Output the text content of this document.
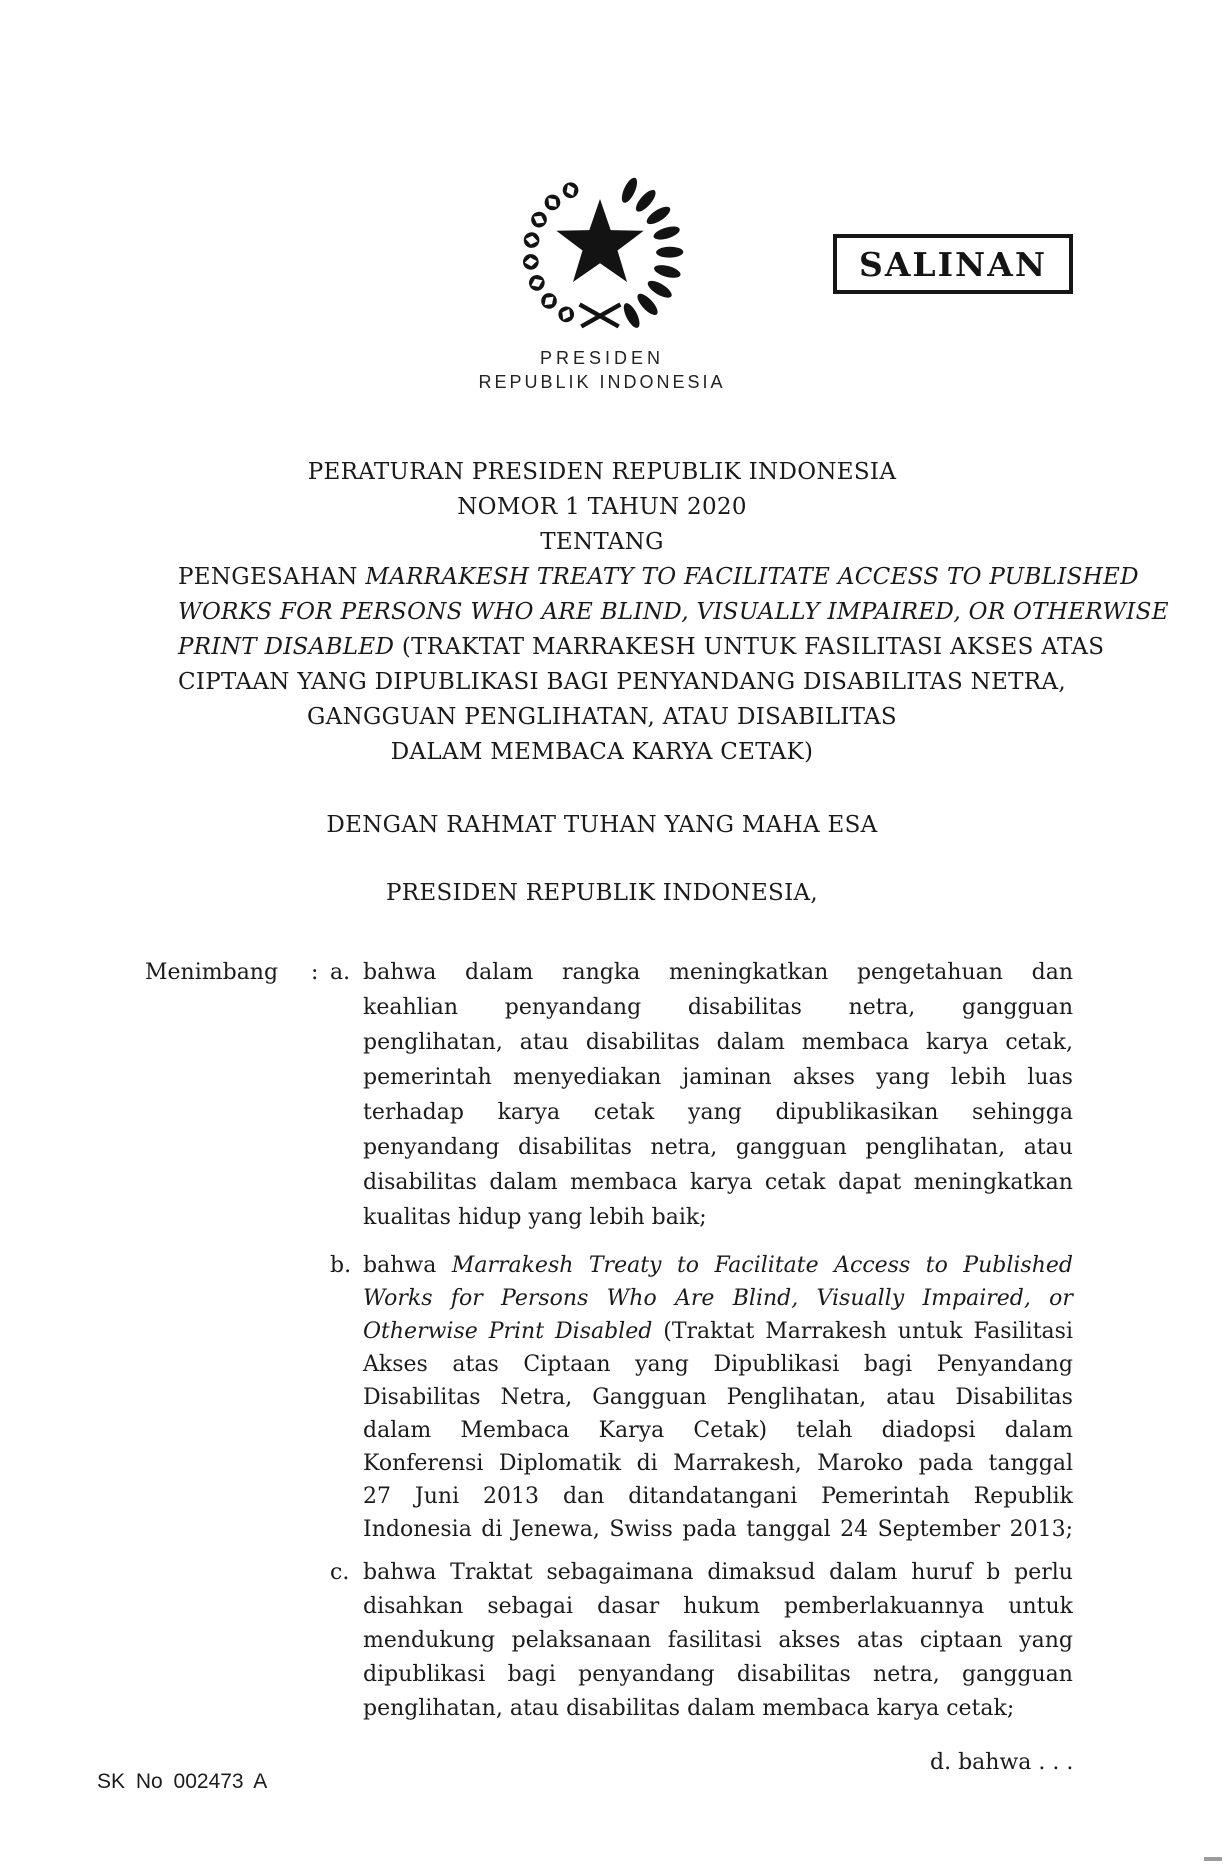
SALINAN
PRESIDEN
REPUBLIK INDONESIA
PERATURAN PRESIDEN REPUBLIK INDONESIA
NOMOR 1 TAHUN 2020
TENTANG
PENGESAHAN MARRAKESH TREATY TO FACILITATE ACCESS TO PUBLISHED
WORKS FOR PERSONS WHO ARE BLIND, VISUALLY IMPAIRED, OR OTHERWISE
PRINT DISABLED (TRAKTAT MARRAKESH UNTUK FASILITASI AKSES ATAS
CIPTAAN YANG DIPUBLIKASI BAGI PENYANDANG DISABILITAS NETRA,
GANGGUAN PENGLIHATAN, ATAU DISABILITAS
DALAM MEMBACA KARYA CETAK)
DENGAN RAHMAT TUHAN YANG MAHA ESA
PRESIDEN REPUBLIK INDONESIA,
Menimbang : a. bahwa dalam rangka meningkatkan pengetahuan dan
keahlian penyandang disabilitas netra, gangguan
penglihatan, atau disabilitas dalam membaca karya cetak,
pemerintah menyediakan jaminan akses yang lebih luas
terhadap karya cetak yang dipublikasikan sehingga
penyandang disabilitas netra, gangguan penglihatan, atau
disabilitas dalam membaca karya cetak dapat meningkatkan
kualitas hidup yang lebih baik;
b. bahwa Marrakesh Treaty to Facilitate Access to Published
Works for Persons Who Are Blind, Visually Impaired, or
Otherwise Print Disabled (Traktat Marrakesh untuk Fasilitasi
Akses atas Ciptaan yang Dipublikasi bagi Penyandang
Disabilitas Netra, Gangguan Penglihatan, atau Disabilitas
dalam Membaca Karya Cetak) telah diadopsi dalam
Konferensi Diplomatik di Marrakesh, Maroko pada tanggal
27 Juni 2013 dan ditandatangani Pemerintah Republik
Indonesia di Jenewa, Swiss pada tanggal 24 September 2013;
c. bahwa Traktat sebagaimana dimaksud dalam huruf b perlu
disahkan sebagai dasar hukum pemberlakuannya untuk
mendukung pelaksanaan fasilitasi akses atas ciptaan yang
dipublikasi bagi penyandang disabilitas netra, gangguan
penglihatan, atau disabilitas dalam membaca karya cetak;
d. bahwa . . .
SK No 002473 A
